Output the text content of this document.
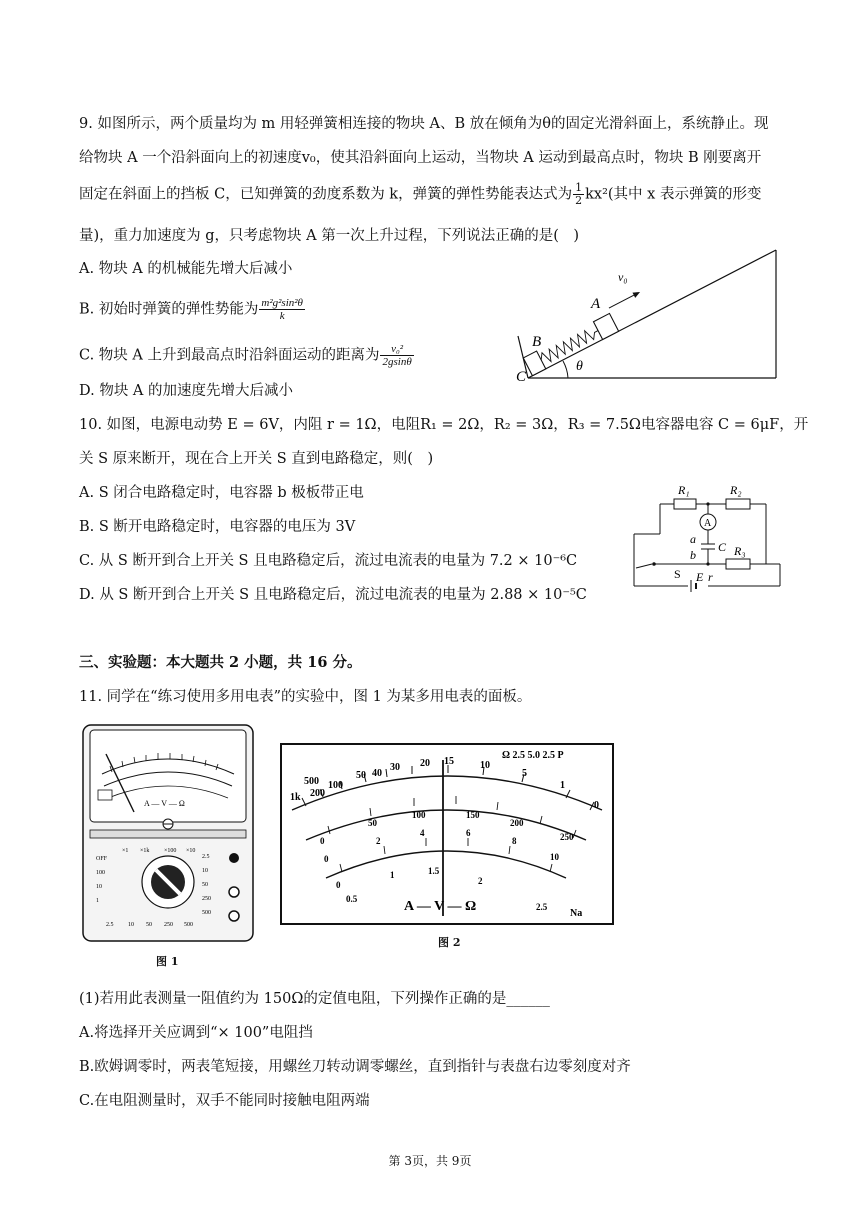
9. 如图所示，两个质量均为 m 用轻弹簧相连接的物块 A、B 放在倾角为θ的固定光滑斜面上，系统静止。现
给物块 A 一个沿斜面向上的初速度v₀，使其沿斜面向上运动，当物块 A 运动到最高点时，物块 B 刚要离开
固定在斜面上的挡板 C，已知弹簧的劲度系数为 k，弹簧的弹性势能表达式为 $\frac{1}{2} kx^2$(其中 x 表示弹簧的形变
量)，重力加速度为 g，只考虑物块 A 第一次上升过程，下列说法正确的是(　)
A. 物块 A 的机械能先增大后减小
B. 初始时弹簧的弹性势能为 $\frac{\text{m²g²sin²θ}}{k}$
C. 物块 A 上升到最高点时沿斜面运动的距离为 $\frac{\text{v₀²}}{2gsin\theta}$
D. 物块 A 的加速度先增大后减小
B
C
A
v₀
θ
10. 如图，电源电动势 E = 6V，内阻 r = 1Ω，电阻R₁ = 2Ω，R₂ = 3Ω，R₃ = 7.5Ω电容器电容 C = 6μF，开
关 S 原来断开，现在合上开关 S 直到电路稳定，则(　)
A. S 闭合电路稳定时，电容器 b 极板带正电
B. S 断开电路稳定时，电容器的电压为 3V
C. 从 S 断开到合上开关 S 且电路稳定后，流过电流表的电量为 7.2 × 10⁻⁶C
D. 从 S 断开到合上开关 S 且电路稳定后，流过电流表的电量为 2.88 × 10⁻⁵C
R₁	R₂
R₃
A
a
b
C
S E r
三、实验题：本大题共 2 小题，共 16 分。
11. 同学在“练习使用多用电表”的实验中，图 1 为某多用电表的面板。
A — V — Ω
OFF
100
10
1
2.5
10
50
250
500
×1k ×100 ×10
×1
2.5 10 50 250 500
图 1
1k
500
200
100
50 40
30 20 15	10
5
1
0
0
50
100	150
200
250
0
2
4	6
8
10
0
0.5
1	1.5
2
2.5
A — V — Ω
Ω 2.5 5.0 2.5 P
Na
图 2
(1)若用此表测量一阻值约为 150Ω的定值电阻，下列操作正确的是______
A.将选择开关应调到“× 100”电阻挡
B.欧姆调零时，两表笔短接，用螺丝刀转动调零螺丝，直到指针与表盘右边零刻度对齐
C.在电阻测量时，双手不能同时接触电阻两端
第 3页，共 9页
